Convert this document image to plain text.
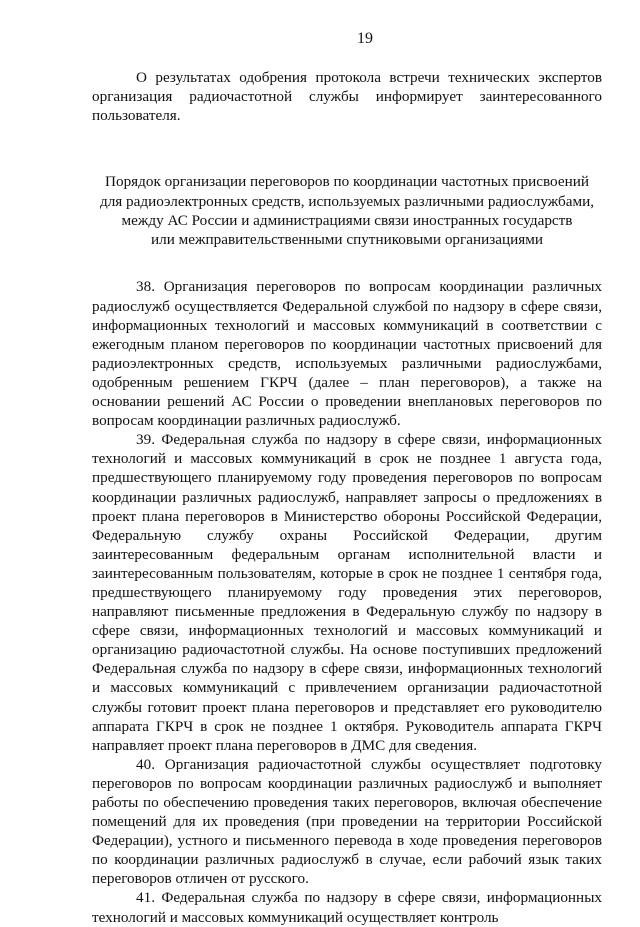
19

О результатах одобрения протокола встречи технических экспертов организация радиочастотной службы информирует заинтересованного пользователя.

Порядок организации переговоров по координации частотных присвоений
для радиоэлектронных средств, используемых различными радиослужбами,
между АС России и администрациями связи иностранных государств
или межправительственными спутниковыми организациями

38. Организация переговоров по вопросам координации различных радиослужб осуществляется Федеральной службой по надзору в сфере связи, информационных технологий и массовых коммуникаций в соответствии с ежегодным планом переговоров по координации частотных присвоений для радиоэлектронных средств, используемых различными радиослужбами, одобренным решением ГКРЧ (далее – план переговоров), а также на основании решений АС России о проведении внеплановых переговоров по вопросам координации различных радиослужб.

39. Федеральная служба по надзору в сфере связи, информационных технологий и массовых коммуникаций в срок не позднее 1 августа года, предшествующего планируемому году проведения переговоров по вопросам координации различных радиослужб, направляет запросы о предложениях в проект плана переговоров в Министерство обороны Российской Федерации, Федеральную службу охраны Российской Федерации, другим заинтересованным федеральным органам исполнительной власти и заинтересованным пользователям, которые в срок не позднее 1 сентября года, предшествующего планируемому году проведения этих переговоров, направляют письменные предложения в Федеральную службу по надзору в сфере связи, информационных технологий и массовых коммуникаций и организацию радиочастотной службы. На основе поступивших предложений Федеральная служба по надзору в сфере связи, информационных технологий и массовых коммуникаций с привлечением организации радиочастотной службы готовит проект плана переговоров и представляет его руководителю аппарата ГКРЧ в срок не позднее 1 октября. Руководитель аппарата ГКРЧ направляет проект плана переговоров в ДМС для сведения.

40. Организация радиочастотной службы осуществляет подготовку переговоров по вопросам координации различных радиослужб и выполняет работы по обеспечению проведения таких переговоров, включая обеспечение помещений для их проведения (при проведении на территории Российской Федерации), устного и письменного перевода в ходе проведения переговоров по координации различных радиослужб в случае, если рабочий язык таких переговоров отличен от русского.

41. Федеральная служба по надзору в сфере связи, информационных технологий и массовых коммуникаций осуществляет контроль
